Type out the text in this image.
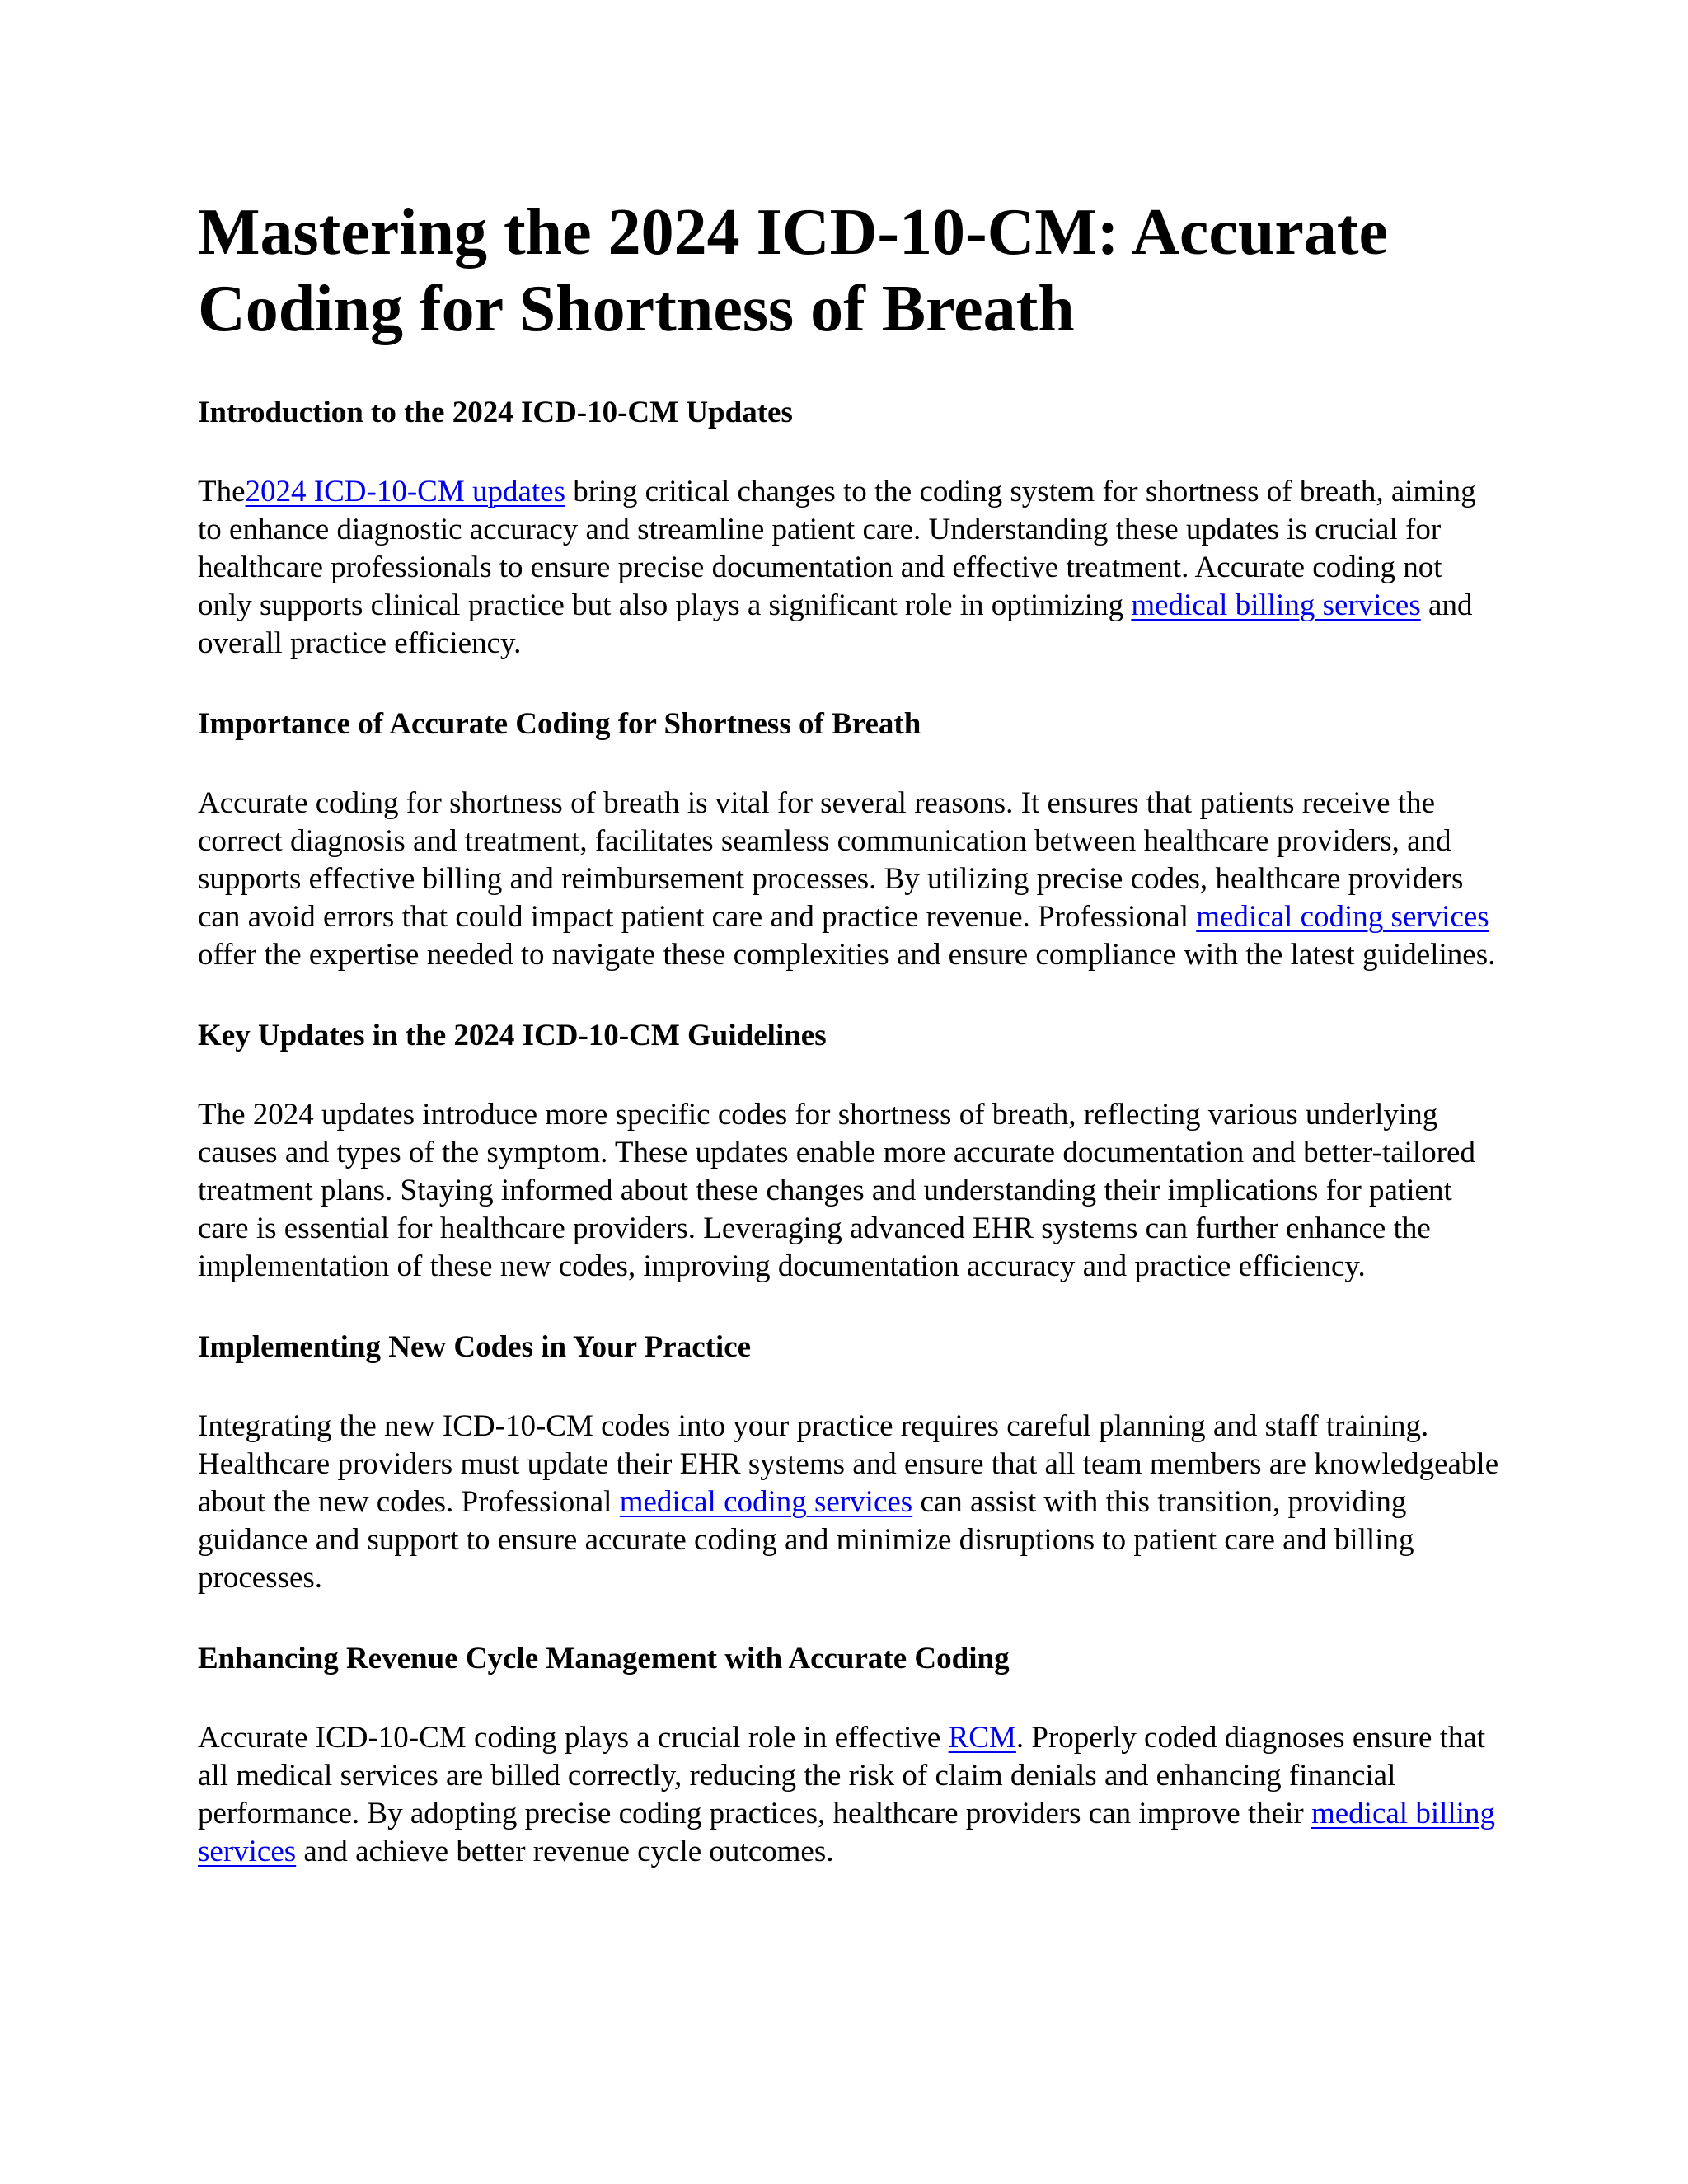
Mastering the 2024 ICD-10-CM: Accurate Coding for Shortness of Breath
Introduction to the 2024 ICD-10-CM Updates

The2024 ICD-10-CM updates bring critical changes to the coding system for shortness of breath, aiming to enhance diagnostic accuracy and streamline patient care. Understanding these updates is crucial for healthcare professionals to ensure precise documentation and effective treatment. Accurate coding not only supports clinical practice but also plays a significant role in optimizing medical billing services and overall practice efficiency.

Importance of Accurate Coding for Shortness of Breath

Accurate coding for shortness of breath is vital for several reasons. It ensures that patients receive the correct diagnosis and treatment, facilitates seamless communication between healthcare providers, and supports effective billing and reimbursement processes. By utilizing precise codes, healthcare providers can avoid errors that could impact patient care and practice revenue. Professional medical coding services offer the expertise needed to navigate these complexities and ensure compliance with the latest guidelines.

Key Updates in the 2024 ICD-10-CM Guidelines

The 2024 updates introduce more specific codes for shortness of breath, reflecting various underlying causes and types of the symptom. These updates enable more accurate documentation and better-tailored treatment plans. Staying informed about these changes and understanding their implications for patient care is essential for healthcare providers. Leveraging advanced EHR systems can further enhance the implementation of these new codes, improving documentation accuracy and practice efficiency.

Implementing New Codes in Your Practice

Integrating the new ICD-10-CM codes into your practice requires careful planning and staff training. Healthcare providers must update their EHR systems and ensure that all team members are knowledgeable about the new codes. Professional medical coding services can assist with this transition, providing guidance and support to ensure accurate coding and minimize disruptions to patient care and billing processes.

Enhancing Revenue Cycle Management with Accurate Coding

Accurate ICD-10-CM coding plays a crucial role in effective RCM. Properly coded diagnoses ensure that all medical services are billed correctly, reducing the risk of claim denials and enhancing financial performance. By adopting precise coding practices, healthcare providers can improve their medical billing services and achieve better revenue cycle outcomes.
